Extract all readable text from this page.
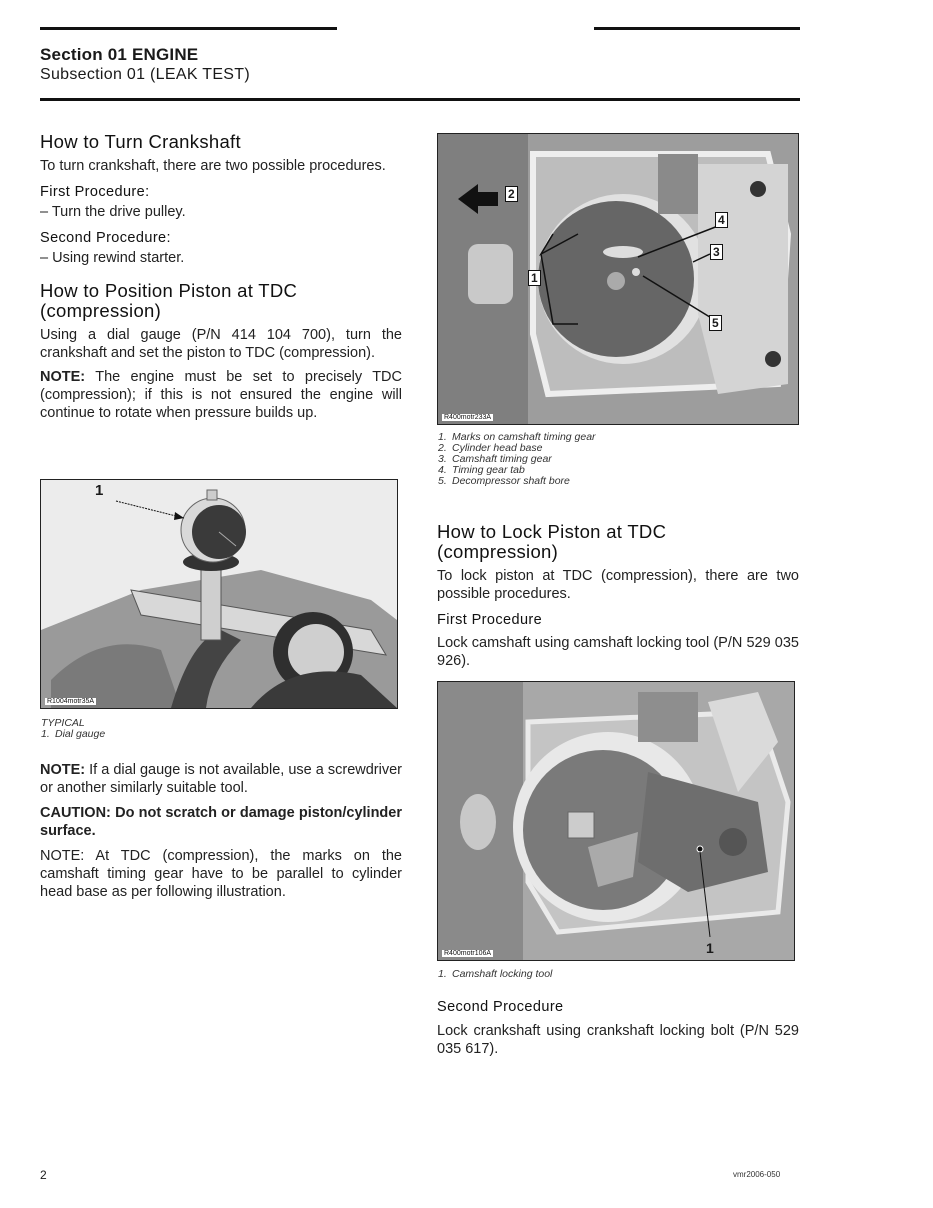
Section 01 ENGINE
Subsection 01 (LEAK TEST)
How to Turn Crankshaft

To turn crankshaft, there are two possible procedures.

First Procedure:

– Turn the drive pulley.

Second Procedure:

– Using rewind starter.

How to Position Piston at TDC
(compression)

Using a dial gauge (P/N 414 104 700), turn the crankshaft and set the piston to TDC (compression).

NOTE: The engine must be set to precisely TDC (compression); if this is not ensured the engine will continue to rotate when pressure builds up.

1
R1004motr35A
TYPICAL
1. Dial gauge

NOTE: If a dial gauge is not available, use a screwdriver or another similarly suitable tool.

CAUTION: Do not scratch or damage piston/cylinder surface.

NOTE: At TDC (compression), the marks on the camshaft timing gear have to be parallel to cylinder head base as per following illustration.

1
2
3
4
5
R400motr233A
1. Marks on camshaft timing gear
2. Cylinder head base
3. Camshaft timing gear
4. Timing gear tab
5. Decompressor shaft bore
How to Lock Piston at TDC
(compression)

To lock piston at TDC (compression), there are two possible procedures.

First Procedure

Lock camshaft using camshaft locking tool (P/N 529 035 926).

1
R400motr106A
1. Camshaft locking tool
Second Procedure

Lock crankshaft using crankshaft locking bolt (P/N 529 035 617).

2	vmr2006-050
